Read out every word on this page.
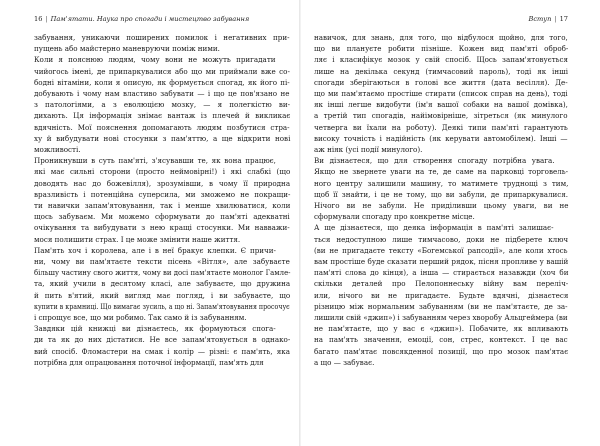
16 | Пам'ятати. Наука про спогади і мистецтво забування

забування, уникаючи поширених помилок і негативних при-
пущень або майстерно маневруючи поміж ними.

Коли я пояснюю людям, чому вони не можуть пригадати
чийогось імені, де припаркувалися або що ми приймали вже со-
бодні вітаміни, коли я описую, як формується спогад, як його пі-
добувають і чому нам властиво забувати — і що це пов'язано не
з патологіями, а з еволюцією мозку, — я полегкістю ви-
дихають. Ця інформація знімає вантаж із плечей й викликає
вдячність. Мої пояснення допомагають людям позбутися стра-
ху й вибудувати нові стосунки з пам'яттю, а ще відкрити нові
можливості.

Проникнувши в суть пам'яті, з'ясувавши те, як вона працює,
які має сильні сторони (просто неймовірні!) і які слабкі (що
доводять нас до божевілля), зрозумівши, в чому її природна
вразливість і потенційна суперсила, ми зможемо не покращи-
ти навички запам'ятовування, так і менше хвилюватися, коли
щось забуваєм. Ми можемо сформувати до пам'яті адекватні
очікування та вибудувати з нею кращі стосунки. Ми навважи-
мося полишити страх. І це може змінити наше життя.

Пам'ять хоч і королева, але і в неї бракує клепки. Є причи-
ни, чому ви пам'ятаєте тексти пісень «Вітля», але забуваєте
більшу частину свого життя, чому ви досі пам'ятаєте монолог Гамле-
та, який учили в десятому класі, але забуваєте, що дружина
й пить в'ятий, який вигляд має погляд, і ви забуваєте, що
купити в крамниці. Що вимагає зусиль, а що ні. Запам'ятовування просочує
і спрощує все, що ми робимо. Так само й із забуванням.

Завдяки цій книжці ви дізнаєтесь, як формуються спога-
ди та як до них дістатися. Не все запам'ятовується в однако-
вий спосіб. Фломастери на смак і колір — різні: є пам'ять, яка
потрібна для опрацювання поточної інформації, пам'ять для

Вступ | 17

навичок, для знань, для того, що відбулося щойно, для того,
що ви плануєте робити пізніше. Кожен вид пам'яті оброб-
ляє і класифікує мозок у свій спосіб. Щось запам'ятовується
лише на декілька секунд (тимчасовий пароль), тоді як інші
спогади зберігаються в голові все життя (дата весілля). Де-
що ми пам'ятаємо простіше стирати (список справ на день), тоді
як інші легше видобути (ім'я вашої собаки на вашої домівка),
а третій тип спогадів, найімовірніше, зітреться (як минулого
четверга ви їхали на роботу). Деякі типи пам'яті гарантують
високу точність і надійність (як керувати автомобілем). Інші —
аж ніяк (усі події минулого).

Ви дізнаєтеся, що для створення спогаду потрібна увага.
Якщо не звернете уваги на те, де саме на парковці торговель-
ного центру залишили машину, то матимете труднощі з тим,
щоб її знайти, і це не тому, що ви забули, де припаркувалися.
Нічого ви не забули. Не приділивши цьому уваги, ви не
сформували спогаду про конкретне місце.

А ще дізнаєтеся, що деяка інформація в пам'яті залишає-
ться недоступною лише тимчасово, доки не підберете ключ
(ви не пригадаєте тексту «Богемської рапсодії», але коли хтось
вам простіше буде сказати перший рядок, пісня пропливе у вашій
пам'яті слова до кінця), а інша — стирається назавжди (хоч би
скільки деталей про Пелопоннеську війну вам переліч-
или, нічого ви не пригадаєте. Будьте вдячні, дізнаєтеся
різницю між нормальним забуванням (ви не пам'ятаєте, де за-
лишили свій «джип») і забуванням через хворобу Альцгеймера (ви
не пам'ятаєте, що у вас є «джип»). Побачите, як впливають
на пам'ять значення, емоції, сон, стрес, контекст. І це вас
багато пам'ятає повсякденної позиції, що про мозок пам'ятає
а що — забуває.
